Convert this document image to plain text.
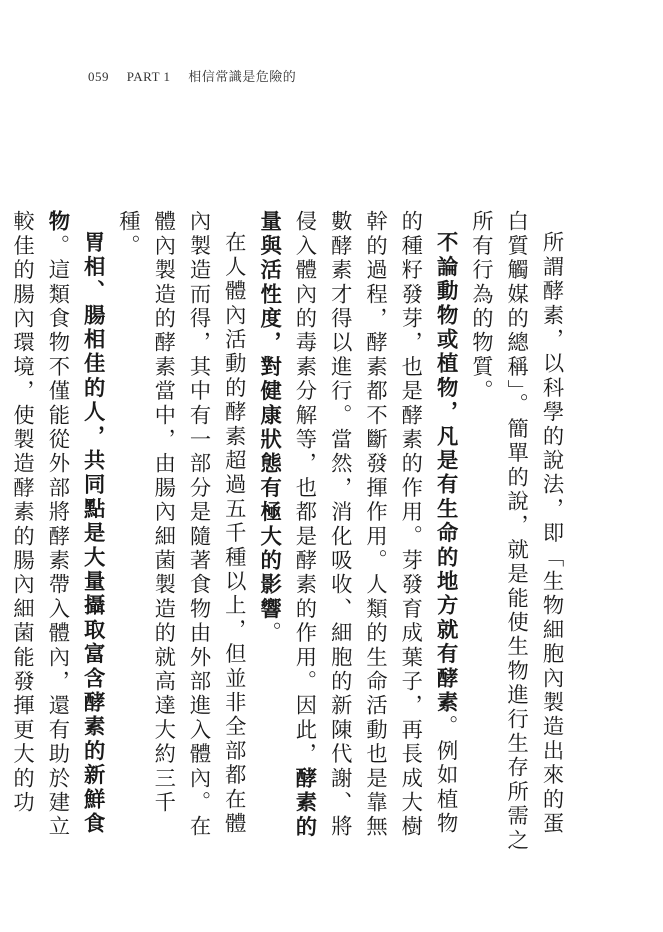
059 PART 1 相信常識是危險的

所謂酵素，以科學的說法，即「生物細胞內製造出來的蛋白質觸媒的總稱」。簡單的說，就是能使生物進行生存所需之所有行為的物質。

不論動物或植物，凡是有生命的地方就有酵素。例如植物的種籽發芽，也是酵素的作用。芽發育成葉子，再長成大樹幹的過程，酵素都不斷發揮作用。人類的生命活動也是靠無數酵素才得以進行。當然，消化吸收、細胞的新陳代謝、將侵入體內的毒素分解等，也都是酵素的作用。因此，酵素的量與活性度，對健康狀態有極大的影響。

在人體內活動的酵素超過五千種以上，但並非全部都在體內製造而得，其中有一部分是隨著食物由外部進入體內。在體內製造的酵素當中，由腸內細菌製造的就高達大約三千種。

胃相、腸相佳的人，共同點是大量攝取富含酵素的新鮮食物。這類食物不僅能從外部將酵素帶入體內，還有助於建立較佳的腸內環境，使製造酵素的腸內細菌能發揮更大的功
